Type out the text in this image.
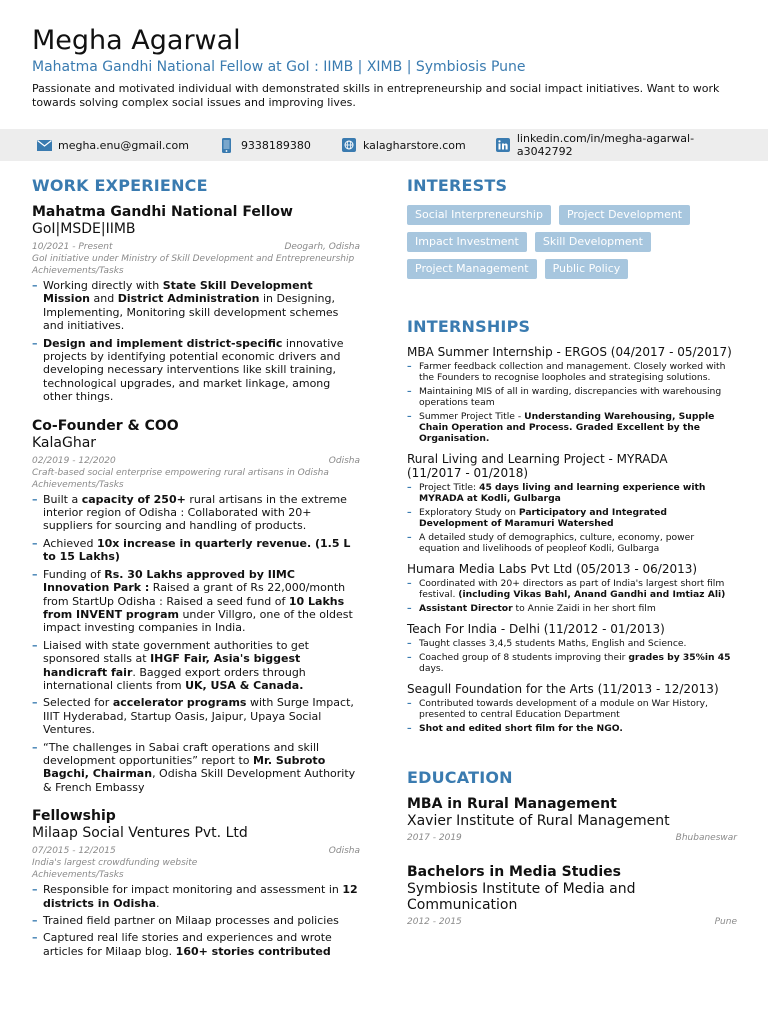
Megha Agarwal
Mahatma Gandhi National Fellow at GoI : IIMB | XIMB | Symbiosis Pune
Passionate and motivated individual with demonstrated skills in entrepreneurship and social impact initiatives. Want to work towards solving complex social issues and improving lives.
megha.enu@gmail.com	9338189380	kalagharstore.com	linkedin.com/in/megha-agarwal-a3042792
WORK EXPERIENCE
Mahatma Gandhi National Fellow
GoI|MSDE|IIMB
10/2021 - Present	Deogarh, Odisha
GoI initiative under Ministry of Skill Development and Entrepreneurship
Achievements/Tasks
– Working directly with State Skill Development Mission and District Administration in Designing, Implementing, Monitoring skill development schemes and initiatives.
– Design and implement district-specific innovative projects by identifying potential economic drivers and developing necessary interventions like skill training, technological upgrades, and market linkage, among other things.
Co-Founder & COO
KalaGhar
02/2019 - 12/2020	Odisha
Craft-based social enterprise empowering rural artisans in Odisha
Achievements/Tasks
– Built a capacity of 250+ rural artisans in the extreme interior region of Odisha : Collaborated with 20+ suppliers for sourcing and handling of products.
– Achieved 10x increase in quarterly revenue. (1.5 L to 15 Lakhs)
– Funding of Rs. 30 Lakhs approved by IIMC Innovation Park : Raised a grant of Rs 22,000/month from StartUp Odisha : Raised a seed fund of 10 Lakhs from INVENT program under Villgro, one of the oldest impact investing companies in India.
– Liaised with state government authorities to get sponsored stalls at IHGF Fair, Asia's biggest handicraft fair. Bagged export orders through international clients from UK, USA & Canada.
– Selected for accelerator programs with Surge Impact, IIIT Hyderabad, Startup Oasis, Jaipur, Upaya Social Ventures.
– “The challenges in Sabai craft operations and skill development opportunities” report to Mr. Subroto Bagchi, Chairman, Odisha Skill Development Authority & French Embassy
Fellowship
Milaap Social Ventures Pvt. Ltd
07/2015 - 12/2015	Odisha
India's largest crowdfunding website
Achievements/Tasks
– Responsible for impact monitoring and assessment in 12 districts in Odisha.
– Trained field partner on Milaap processes and policies
– Captured real life stories and experiences and wrote articles for Milaap blog. 160+ stories contributed
INTERESTS
Social Interpreneurship	Project Development
Impact Investment	Skill Development
Project Management	Public Policy
INTERNSHIPS
MBA Summer Internship - ERGOS (04/2017 - 05/2017)
– Farmer feedback collection and management. Closely worked with the Founders to recognise loopholes and strategising solutions.
– Maintaining MIS of all in warding, discrepancies with warehousing operations team
– Summer Project Title - Understanding Warehousing, Supple Chain Operation and Process. Graded Excellent by the Organisation.
Rural Living and Learning Project - MYRADA
(11/2017 - 01/2018)
– Project Title: 45 days living and learning experience with MYRADA at Kodli, Gulbarga
– Exploratory Study on Participatory and Integrated Development of Maramuri Watershed
– A detailed study of demographics, culture, economy, power equation and livelihoods of peopleof Kodli, Gulbarga
Humara Media Labs Pvt Ltd (05/2013 - 06/2013)
– Coordinated with 20+ directors as part of India's largest short film festival. (including Vikas Bahl, Anand Gandhi and Imtiaz Ali)
– Assistant Director to Annie Zaidi in her short film
Teach For India - Delhi (11/2012 - 01/2013)
– Taught classes 3,4,5 students Maths, English and Science.
– Coached group of 8 students improving their grades by 35%in 45 days.
Seagull Foundation for the Arts (11/2013 - 12/2013)
– Contributed towards development of a module on War History, presented to central Education Department
– Shot and edited short film for the NGO.
EDUCATION
MBA in Rural Management
Xavier Institute of Rural Management
2017 - 2019	Bhubaneswar
Bachelors in Media Studies
Symbiosis Institute of Media and Communication
2012 - 2015	Pune
